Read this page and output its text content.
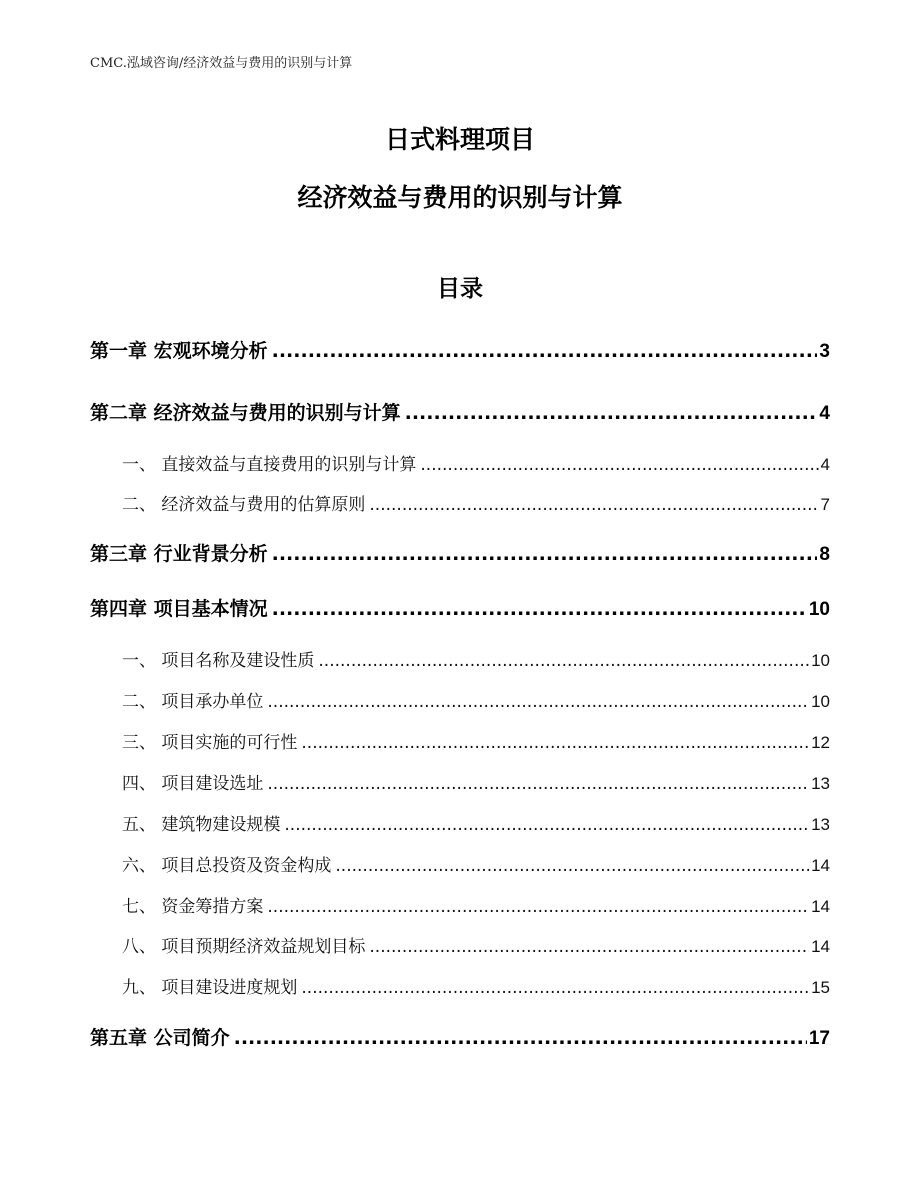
CMC.泓域咨询/经济效益与费用的识别与计算
日式料理项目
经济效益与费用的识别与计算
目录
第一章 宏观环境分析 .....	3
第二章 经济效益与费用的识别与计算 .....	4
一、 直接效益与直接费用的识别与计算 .....	4
二、 经济效益与费用的估算原则 .....	7
第三章 行业背景分析 .....	8
第四章 项目基本情况 .....	10
一、 项目名称及建设性质 .....	10
二、 项目承办单位 .....	10
三、 项目实施的可行性 .....	12
四、 项目建设选址 .....	13
五、 建筑物建设规模 .....	13
六、 项目总投资及资金构成 .....	14
七、 资金筹措方案 .....	14
八、 项目预期经济效益规划目标 .....	14
九、 项目建设进度规划 .....	15
第五章 公司简介 .....	17
